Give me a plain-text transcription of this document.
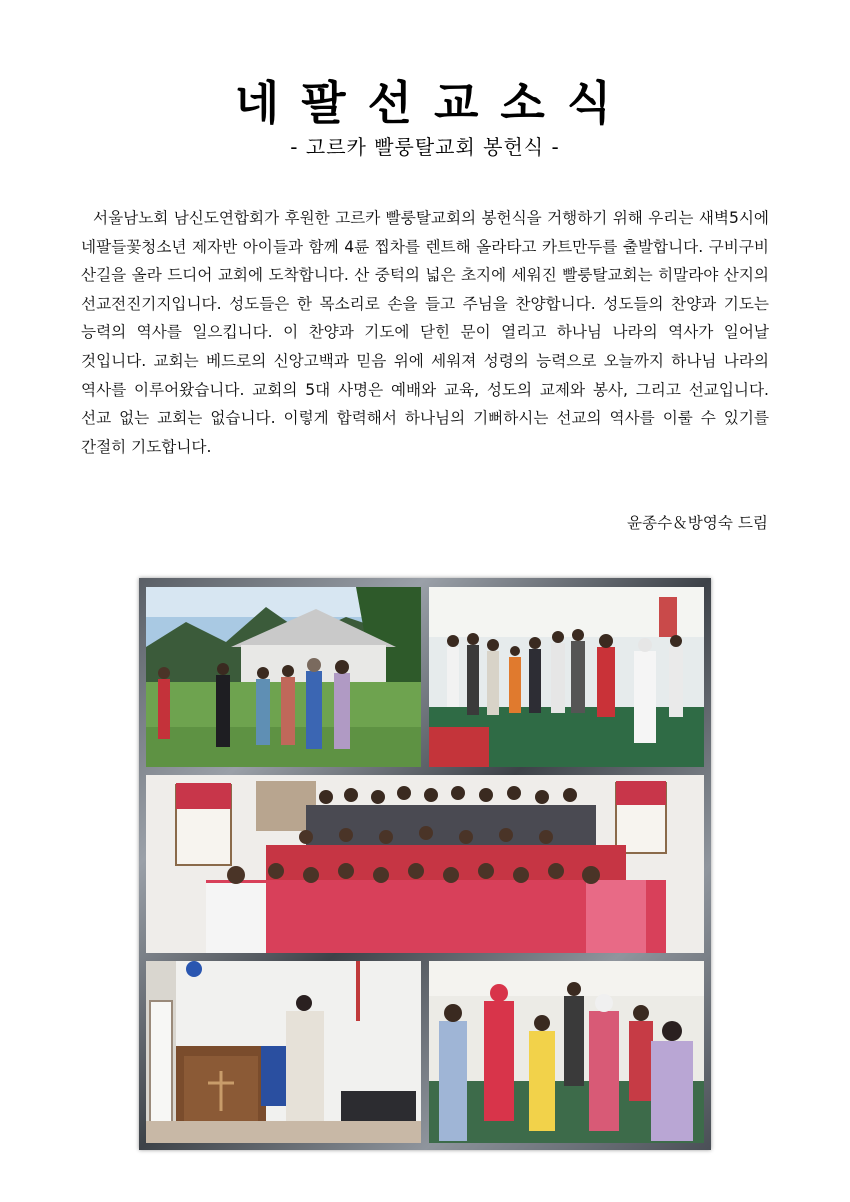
네팔선교소식
- 고르카 빨룽탈교회 봉헌식 -

서울남노회 남신도연합회가 후원한 고르카 빨룽탈교회의 봉헌식을 거행하기 위해 우리는 새벽5시에 네팔들꽃청소년 제자반 아이들과 함께 4륜 찝차를 렌트해 올라타고 카트만두를 출발합니다. 구비구비 산길을 올라 드디어 교회에 도착합니다. 산 중턱의 넓은 초지에 세워진 빨룽탈교회는 히말라야 산지의 선교전진기지입니다. 성도들은 한 목소리로 손을 들고 주님을 찬양합니다. 성도들의 찬양과 기도는 능력의 역사를 일으킵니다. 이 찬양과 기도에 닫힌 문이 열리고 하나님 나라의 역사가 일어날 것입니다. 교회는 베드로의 신앙고백과 믿음 위에 세워져 성령의 능력으로 오늘까지 하나님 나라의 역사를 이루어왔습니다. 교회의 5대 사명은 예배와 교육, 성도의 교제와 봉사, 그리고 선교입니다. 선교 없는 교회는 없습니다. 이렇게 합력해서 하나님의 기뻐하시는 선교의 역사를 이룰 수 있기를 간절히 기도합니다.

윤종수＆방영숙 드림
